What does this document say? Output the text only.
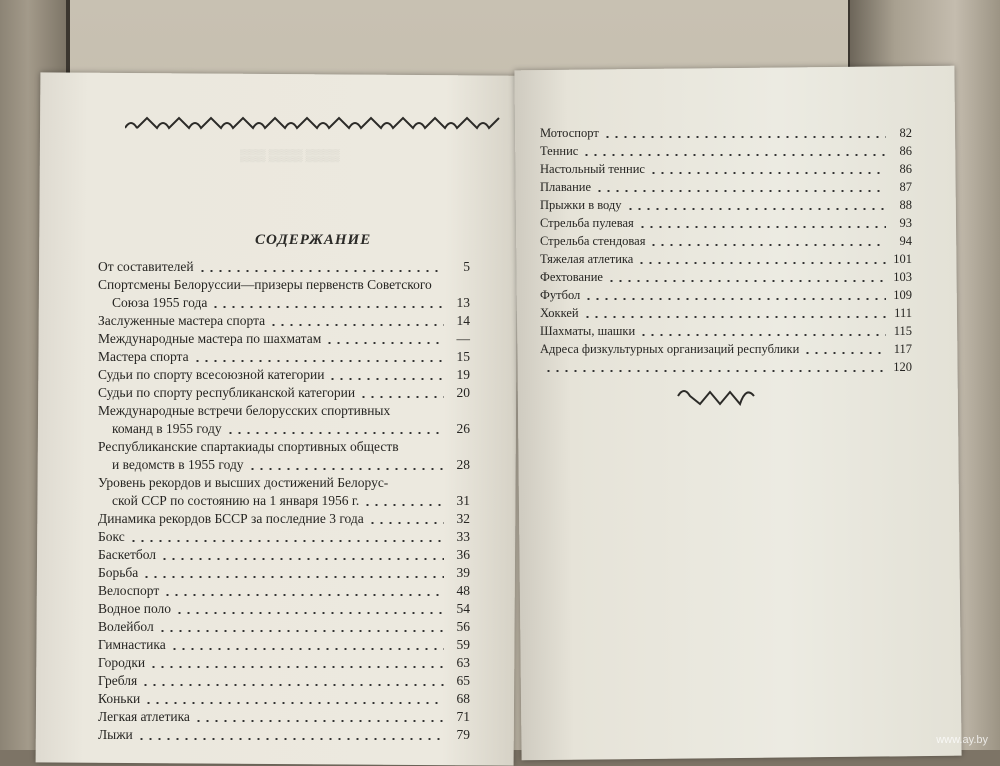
▒▒▒ ▒▒▒▒ ▒▒▒▒
СОДЕРЖАНИЕ
От составителей	5
Спортсмены Белоруссии—призеры первенств Советского
Союза 1955 года	13
Заслуженные мастера спорта	14
Международные мастера по шахматам	—
Мастера спорта	15
Судьи по спорту всесоюзной категории	19
Судьи по спорту республиканской категории	20
Международные встречи белорусских спортивных
команд в 1955 году	26
Республиканские спартакиады спортивных обществ
и ведомств в 1955 году	28
Уровень рекордов и высших достижений Белорус-
ской ССР по состоянию на 1 января 1956 г.	31
Динамика рекордов БССР за последние 3 года	32
Бокс	33
Баскетбол	36
Борьба	39
Велоспорт	48
Водное поло	54
Волейбол	56
Гимнастика	59
Городки	63
Гребля	65
Коньки	68
Легкая атлетика	71
Лыжи	79
Мотоспорт	82
Теннис	86
Настольный теннис	86
Плавание	87
Прыжки в воду	88
Стрельба пулевая	93
Стрельба стендовая	94
Тяжелая атлетика	101
Фехтование	103
Футбол	109
Хоккей	111
Шахматы, шашки	115
Адреса физкультурных организаций республики	117
120
www.ay.by
